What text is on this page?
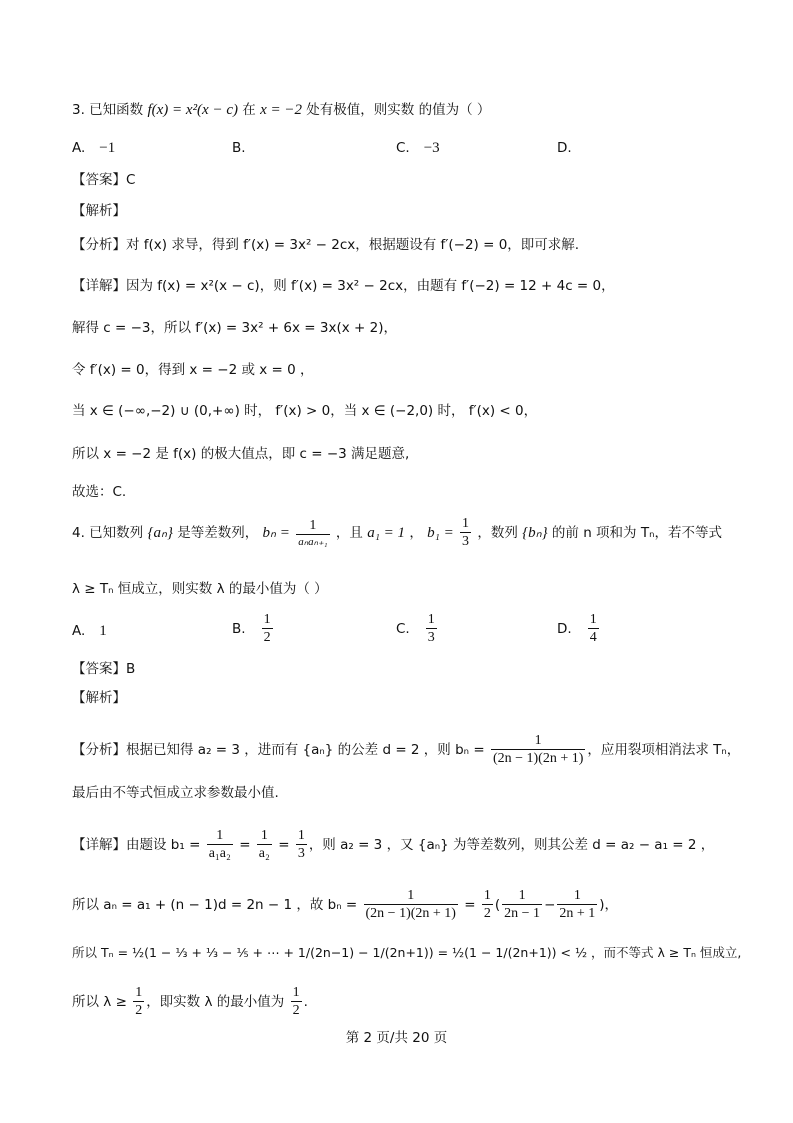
3. 已知函数 f(x) = x²(x − c) 在 x = −2 处有极值，则实数 的值为（ ）
A. −1	B.	C. −3	D.
【答案】C
【解析】
【分析】对 f(x) 求导，得到 f′(x) = 3x² − 2cx，根据题设有 f′(−2) = 0，即可求解.
【详解】因为 f(x) = x²(x − c)，则 f′(x) = 3x² − 2cx，由题有 f′(−2) = 12 + 4c = 0，
解得 c = −3，所以 f′(x) = 3x² + 6x = 3x(x + 2)，
令 f′(x) = 0，得到 x = −2 或 x = 0 ，
当 x ∈ (−∞,−2) ∪ (0,+∞) 时， f′(x) > 0，当 x ∈ (−2,0) 时， f′(x) < 0，
所以 x = −2 是 f(x) 的极大值点，即 c = −3 满足题意,
故选：C.
4. 已知数列 {aₙ} 是等差数列， $b_n = \frac{1}{\text{aₙaₙ₊₁}}$ ，且 a₁ = 1 ， $b_1 = \frac{1}{3}$ ，数列 {bₙ} 的前 n 项和为 Tₙ，若不等式
λ ≥ Tₙ 恒成立，则实数 λ 的最小值为（ ）
A. 1	B. $\frac{1}{2}$	C. $\frac{1}{3}$	D. $\frac{1}{4}$
【答案】B
【解析】
【分析】根据已知得 a₂ = 3 ，进而有 {aₙ} 的公差 d = 2 ，则 $b_n = \frac{1}{(2n - 1)(2n + 1)}$ ，应用裂项相消法求 Tₙ，
最后由不等式恒成立求参数最小值.
【详解】由题设 $b_1 = \frac{1}{\text{a₁a₂}} = \frac{1}{\text{a₂}} = \frac{1}{3}$ ，则 a₂ = 3 ，又 {aₙ} 为等差数列，则其公差 d = a₂ − a₁ = 2 ，
所以 aₙ = a₁ + (n − 1)d = 2n − 1 ，故 $b_n = \frac{1}{(2n - 1)(2n + 1)} = \frac{1}{2}$ ( $\frac{1}{2n - 1} - \frac{1}{2n + 1}$ )，
所以 Tₙ = ½(1 − ⅓ + ⅓ − ⅕ + ⋯ + 1/(2n−1) − 1/(2n+1)) = ½(1 − 1/(2n+1)) < ½ ，而不等式 λ ≥ Tₙ 恒成立,
所以 $\lambda \ge \frac{1}{2}$ ，即实数 λ 的最小值为 $\frac{1}{2}$ .
第 2 页/共 20 页
